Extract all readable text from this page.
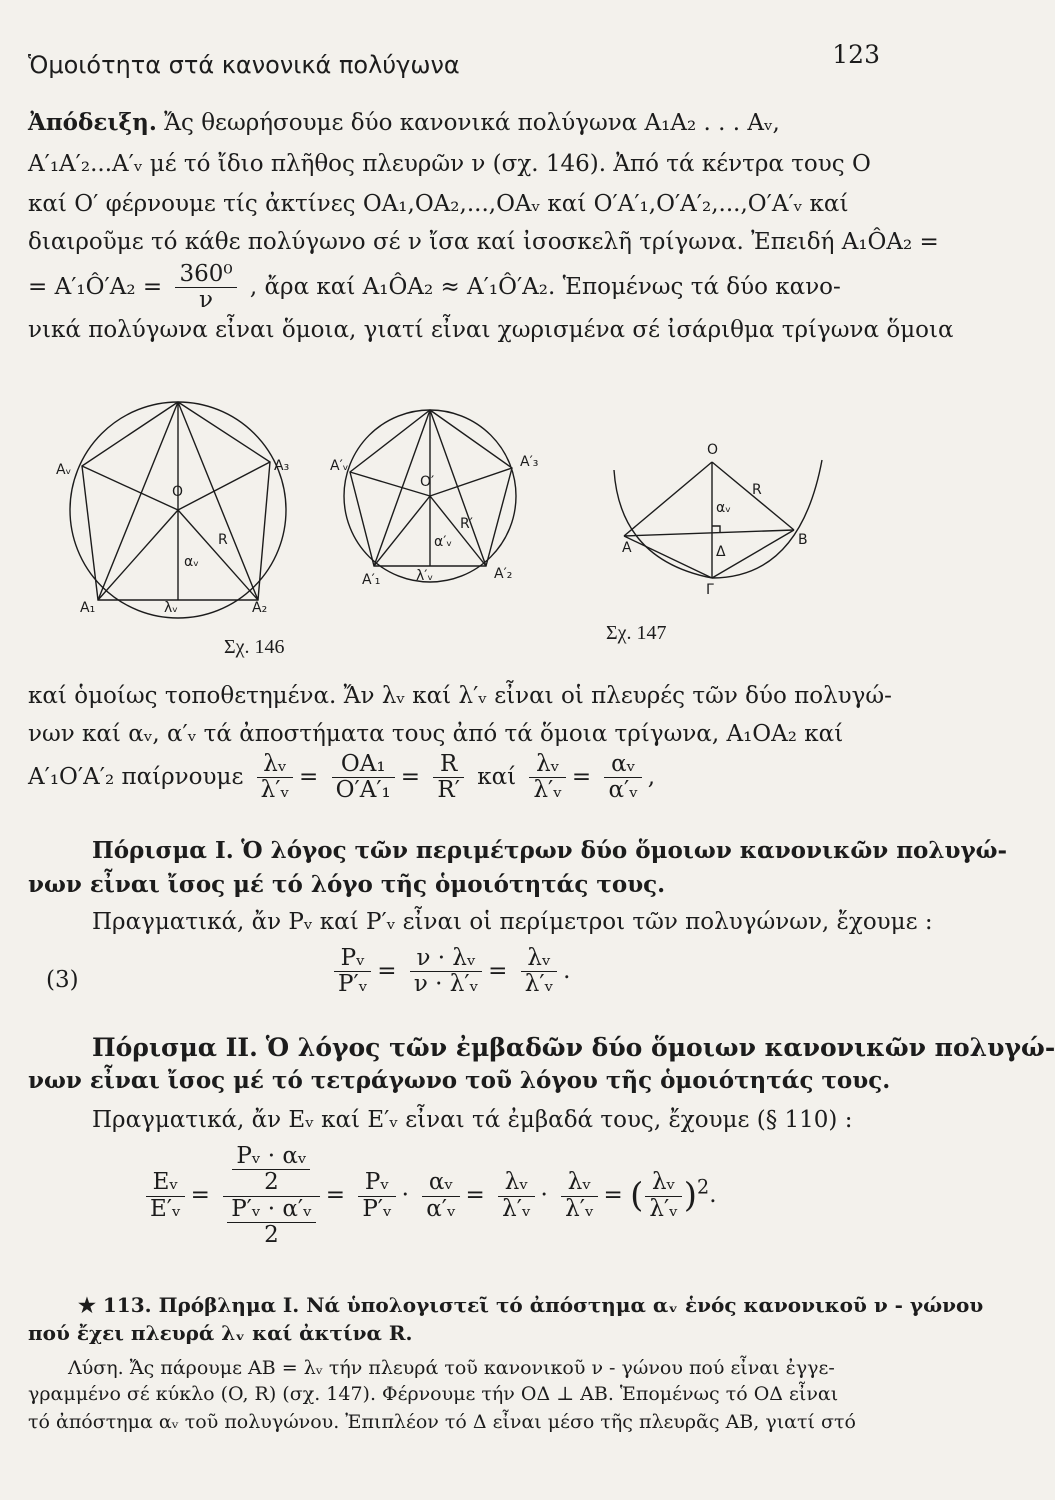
Ὁμοιότητα στά κανονικά πολύγωνα	123
Ἀπόδειξη. Ἄς θεωρήσουμε δύο κανονικά πολύγωνα A₁A₂ . . . Aᵥ,
A′₁A′₂...A′ᵥ μέ τό ἴδιο πλῆθος πλευρῶν ν (σχ. 146). Ἀπό τά κέντρα τους O
καί O′ φέρνουμε τίς ἀκτίνες OA₁,OA₂,...,OAᵥ καί O′A′₁,O′A′₂,...,O′A′ᵥ καί
διαιροῦμε τό κάθε πολύγωνο σέ ν ἴσα καί ἰσοσκελῆ τρίγωνα. Ἐπειδή A₁ÔA₂ =
= A′₁Ô′A₂ = $\frac{\text{360⁰}}{\nu}$ , ἄρα καί A₁ÔA₂ ≈ A′₁Ô′A₂. Ἑπομένως τά δύο κανο-
νικά πολύγωνα εἶναι ὅμοια, γιατί εἶναι χωρισμένα σέ ἰσάριθμα τρίγωνα ὅμοια
Aᵥ	A₃
O
R
αᵥ
A₁	λᵥ	A₂
A′ᵥ	A′₃
O′
R′
α′ᵥ
A′₁	λ′ᵥ	A′₂
O
R
αᵥ
A	Δ
B
Γ
Σχ. 146
Σχ. 147
καί ὁμοίως τοποθετημένα. Ἄν λᵥ καί λ′ᵥ εἶναι οἱ πλευρές τῶν δύο πολυγώ-
νων καί αᵥ, α′ᵥ τά ἀποστήματα τους ἀπό τά ὅμοια τρίγωνα, A₁OA₂ καί
A′₁O′A′₂ παίρνουμε $\frac{\text{λᵥ}}{\text{λ′ᵥ}} = \frac{\text{OA₁}}{\text{O′A′₁}} = \frac{R}{R'}$ καί $\frac{\text{λᵥ}}{\text{λ′ᵥ}} = \frac{\text{αᵥ}}{\text{α′ᵥ}}$ ,
Πόρισμα I. Ὁ λόγος τῶν περιμέτρων δύο ὅμοιων κανονικῶν πολυγώ-
νων εἶναι ἴσος μέ τό λόγο τῆς ὁμοιότητάς τους.
Πραγματικά, ἄν Pᵥ καί P′ᵥ εἶναι οἱ περίμετροι τῶν πολυγώνων, ἔχουμε :
(3)	$\frac{\text{Pᵥ}}{\text{P′ᵥ}} = \frac{\text{ν · λᵥ}}{\text{ν · λ′ᵥ}} = \frac{\text{λᵥ}}{\text{λ′ᵥ}}$ .
Πόρισμα II. Ὁ λόγος τῶν ἐμβαδῶν δύο ὅμοιων κανονικῶν πολυγώ-
νων εἶναι ἴσος μέ τό τετράγωνο τοῦ λόγου τῆς ὁμοιότητάς τους.
Πραγματικά, ἄν Eᵥ καί E′ᵥ εἶναι τά ἐμβαδά τους, ἔχουμε (§ 110) :
$\frac{\text{Eᵥ}}{\text{E′ᵥ}} = \frac{\frac{\text{Pᵥ · αᵥ}}{2}}{\frac{\text{P′ᵥ · α′ᵥ}}{2}} = \frac{\text{Pᵥ}}{\text{P′ᵥ}} \cdot \frac{\text{αᵥ}}{\text{α′ᵥ}} = \frac{\text{λᵥ}}{\text{λ′ᵥ}} \cdot \frac{\text{λᵥ}}{\text{λ′ᵥ}}$ = ( $\frac{\text{λᵥ}}{\text{λ′ᵥ}} )^2$.
★ 113. Πρόβλημα I. Νά ὑπολογιστεῖ τό ἀπόστημα αᵥ ἑνός κανονικοῦ ν - γώνου
πού ἔχει πλευρά λᵥ καί ἀκτίνα R.
Λύση. Ἄς πάρουμε AB = λᵥ τήν πλευρά τοῦ κανονικοῦ ν - γώνου πού εἶναι ἐγγε-
γραμμένο σέ κύκλο (O, R) (σχ. 147). Φέρνουμε τήν OΔ ⊥ AB. Ἑπομένως τό OΔ εἶναι
τό ἀπόστημα αᵥ τοῦ πολυγώνου. Ἐπιπλέον τό Δ εἶναι μέσο τῆς πλευρᾶς AB, γιατί στό
